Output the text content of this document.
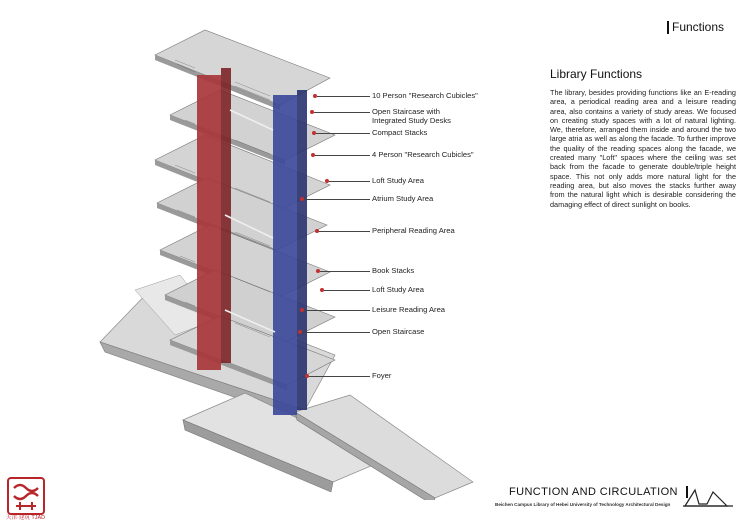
Functions
Library Functions
The library, besides providing functions like an E-reading area, a periodical reading area and a leisure reading area, also contains a variety of study areas. We focused on creating study spaces with a lot of natural lighting. We, therefore, arranged them inside and around the two large atria as well as along the facade. To further improve the quality of the reading spaces along the facade, we created many "Loft" spaces where the ceiling was set back from the facade to generate double/triple height space. This not only adds more natural light for the reading area, but also moves the stacks further away from the natural light which is desirable considering the damaging effect of direct sunlight on books.
10 Person "Research Cubicles"
Open Staircase with
Integrated Study Desks
Compact Stacks
4 Person "Research Cubicles"
Loft Study Area
Atrium Study Area
Peripheral Reading Area
Book Stacks
Loft Study Area
Leisure Reading Area
Open Staircase
Foyer
FUNCTION AND CIRCULATION
Beichen Campus Library of Hebei University of Technology Architectural Design
天津·建筑 TJAD
